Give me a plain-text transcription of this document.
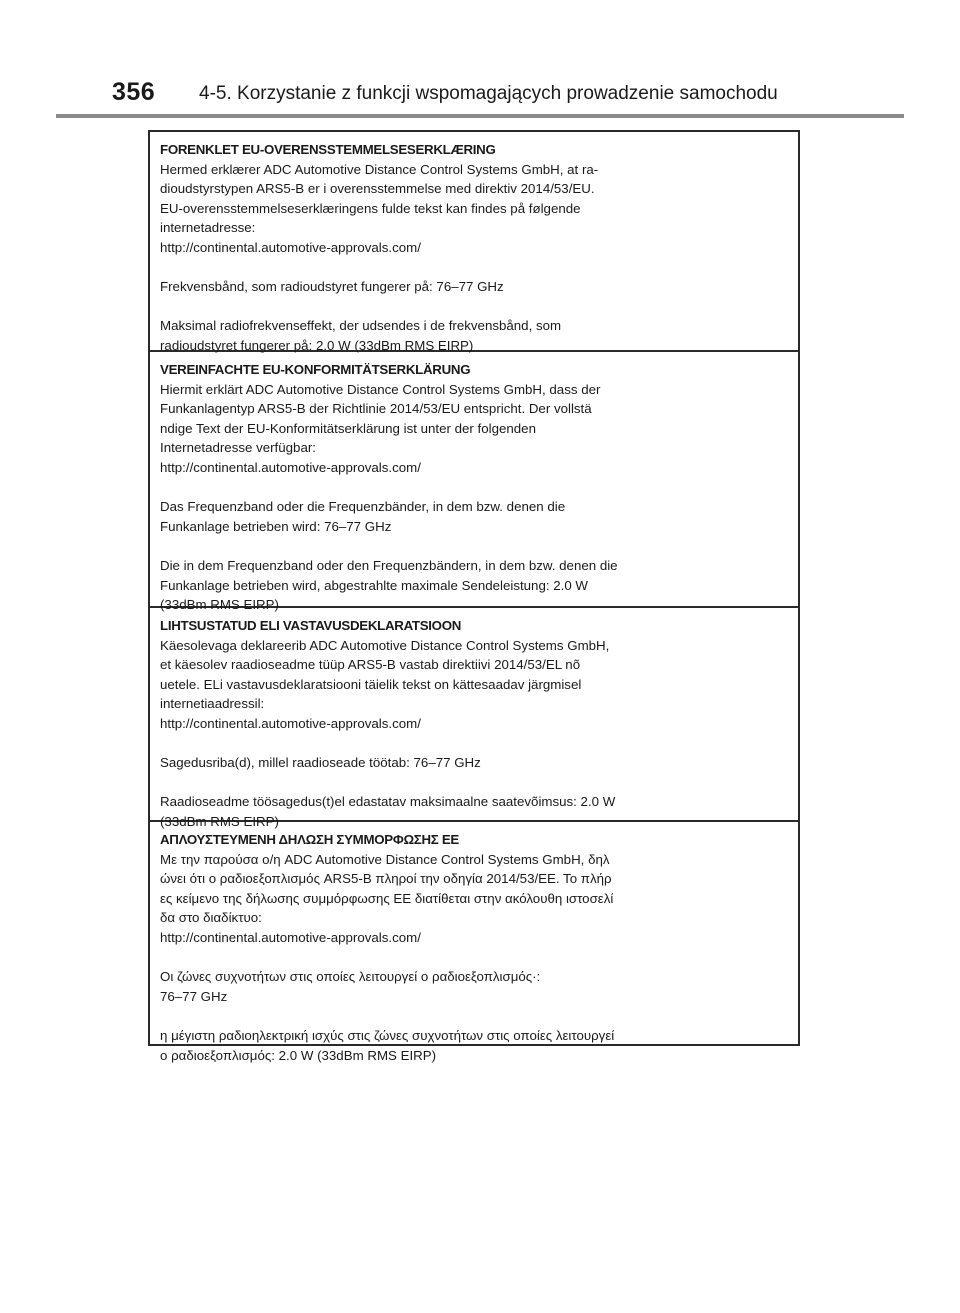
356 4-5. Korzystanie z funkcji wspomagających prowadzenie samochodu
FORENKLET EU-OVERENSSTEMMELSESERKLÆRING
Hermed erklærer ADC Automotive Distance Control Systems GmbH, at ra-
dioudstyrstypen ARS5-B er i overensstemmelse med direktiv 2014/53/EU.
EU-overensstemmelseserklæringens fulde tekst kan findes på følgende
internetadresse:
http://continental.automotive-approvals.com/
Frekvensbånd, som radioudstyret fungerer på: 76–77 GHz
Maksimal radiofrekvenseffekt, der udsendes i de frekvensbånd, som
radioudstyret fungerer på: 2.0 W (33dBm RMS EIRP)
VEREINFACHTE EU-KONFORMITÄTSERKLÄRUNG
Hiermit erklärt ADC Automotive Distance Control Systems GmbH, dass der
Funkanlagentyp ARS5-B der Richtlinie 2014/53/EU entspricht. Der vollstä
ndige Text der EU-Konformitätserklärung ist unter der folgenden
Internetadresse verfügbar:
http://continental.automotive-approvals.com/
Das Frequenzband oder die Frequenzbänder, in dem bzw. denen die
Funkanlage betrieben wird: 76–77 GHz
Die in dem Frequenzband oder den Frequenzbändern, in dem bzw. denen die
Funkanlage betrieben wird, abgestrahlte maximale Sendeleistung: 2.0 W
(33dBm RMS EIRP)
LIHTSUSTATUD ELI VASTAVUSDEKLARATSIOON
Käesolevaga deklareerib ADC Automotive Distance Control Systems GmbH,
et käesolev raadioseadme tüüp ARS5-B vastab direktiivi 2014/53/EL nõ
uetele. ELi vastavusdeklaratsiooni täielik tekst on kättesaadav järgmisel
internetiaadressil:
http://continental.automotive-approvals.com/
Sagedusriba(d), millel raadioseade töötab: 76–77 GHz
Raadioseadme töösagedus(t)el edastatav maksimaalne saatevõimsus: 2.0 W
(33dBm RMS EIRP)
ΑΠΛΟΥΣΤΕΥΜΕΝΗ ΔΗΛΩΣΗ ΣΥΜΜΟΡΦΩΣΗΣ ΕΕ
Με την παρούσα ο/η ADC Automotive Distance Control Systems GmbH, δηλ
ώνει ότι ο ραδιοεξοπλισμός ARS5-B πληροί την οδηγία 2014/53/ΕΕ. Το πλήρ
ες κείμενο της δήλωσης συμμόρφωσης ΕΕ διατίθεται στην ακόλουθη ιστοσελί
δα στο διαδίκτυο:
http://continental.automotive-approvals.com/
Οι ζώνες συχνοτήτων στις οποίες λειτουργεί ο ραδιοεξοπλισμός·:
76–77 GHz
η μέγιστη ραδιοηλεκτρική ισχύς στις ζώνες συχνοτήτων στις οποίες λειτουργεί
ο ραδιοεξοπλισμός: 2.0 W (33dBm RMS EIRP)
